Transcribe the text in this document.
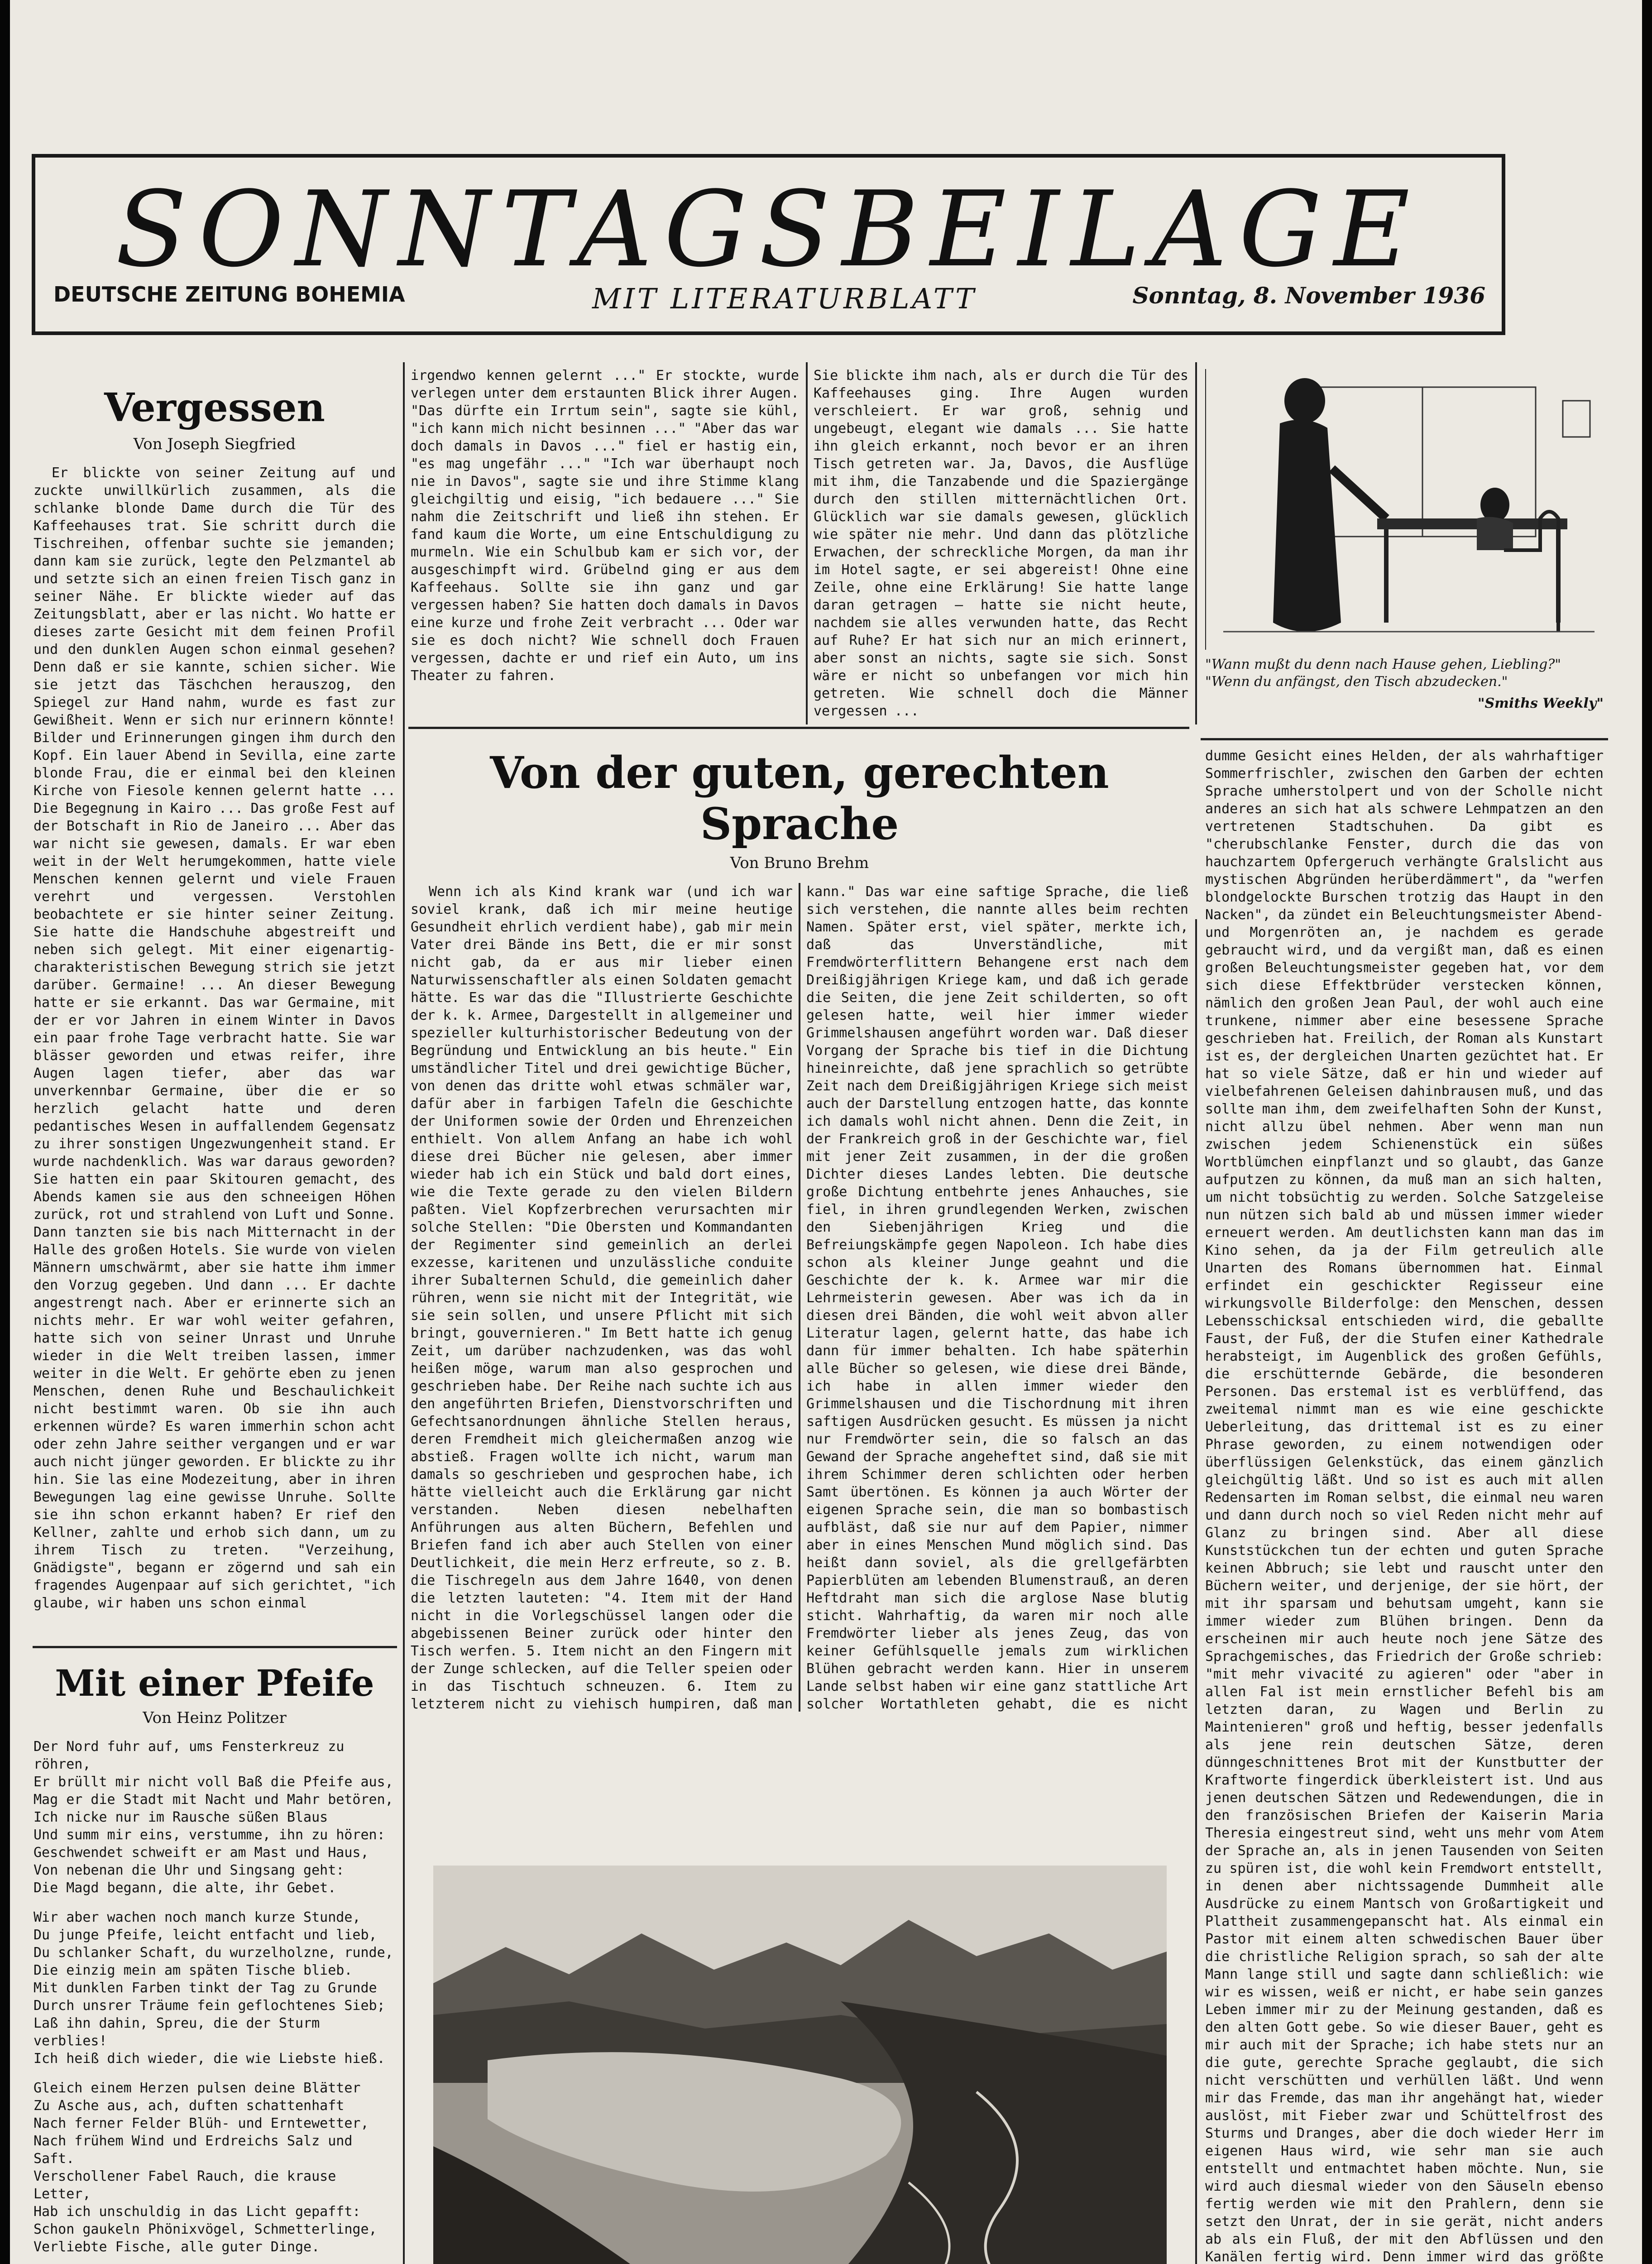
SONNTAGSBEILAGE
DEUTSCHE ZEITUNG BOHEMIA	MIT LITERATURBLATT	Sonntag, 8. November 1936
Vergessen
Von Joseph Siegfried

Er blickte von seiner Zeitung auf und zuckte unwillkürlich zusammen, als die schlanke blonde Dame durch die Tür des Kaffeehauses trat. Sie schritt durch die Tischreihen, offenbar suchte sie jemanden; dann kam sie zurück, legte den Pelzmantel ab und setzte sich an einen freien Tisch ganz in seiner Nähe. Er blickte wieder auf das Zeitungsblatt, aber er las nicht. Wo hatte er dieses zarte Gesicht mit dem feinen Profil und den dunklen Augen schon einmal gesehen? Denn daß er sie kannte, schien sicher. Wie sie jetzt das Täschchen herauszog, den Spiegel zur Hand nahm, wurde es fast zur Gewißheit. Wenn er sich nur erinnern könnte! Bilder und Erinnerungen gingen ihm durch den Kopf. Ein lauer Abend in Sevilla, eine zarte blonde Frau, die er einmal bei den kleinen Kirche von Fiesole kennen gelernt hatte ... Die Begegnung in Kairo ... Das große Fest auf der Botschaft in Rio de Janeiro ... Aber das war nicht sie gewesen, damals. Er war eben weit in der Welt herumgekommen, hatte viele Menschen kennen gelernt und viele Frauen verehrt und vergessen. Verstohlen beobachtete er sie hinter seiner Zeitung. Sie hatte die Handschuhe abgestreift und neben sich gelegt. Mit einer eigenartig-charakteristischen Bewegung strich sie jetzt darüber. Germaine! ... An dieser Bewegung hatte er sie erkannt. Das war Germaine, mit der er vor Jahren in einem Winter in Davos ein paar frohe Tage verbracht hatte. Sie war blässer geworden und etwas reifer, ihre Augen lagen tiefer, aber das war unverkennbar Germaine, über die er so herzlich gelacht hatte und deren pedantisches Wesen in auffallendem Gegensatz zu ihrer sonstigen Ungezwungenheit stand. Er wurde nachdenklich. Was war daraus geworden? Sie hatten ein paar Skitouren gemacht, des Abends kamen sie aus den schneeigen Höhen zurück, rot und strahlend von Luft und Sonne. Dann tanzten sie bis nach Mitternacht in der Halle des großen Hotels. Sie wurde von vielen Männern umschwärmt, aber sie hatte ihm immer den Vorzug gegeben. Und dann ... Er dachte angestrengt nach. Aber er erinnerte sich an nichts mehr. Er war wohl weiter gefahren, hatte sich von seiner Unrast und Unruhe wieder in die Welt treiben lassen, immer weiter in die Welt. Er gehörte eben zu jenen Menschen, denen Ruhe und Beschaulichkeit nicht bestimmt waren. Ob sie ihn auch erkennen würde? Es waren immerhin schon acht oder zehn Jahre seither vergangen und er war auch nicht jünger geworden. Er blickte zu ihr hin. Sie las eine Modezeitung, aber in ihren Bewegungen lag eine gewisse Unruhe. Sollte sie ihn schon erkannt haben? Er rief den Kellner, zahlte und erhob sich dann, um zu ihrem Tisch zu treten. "Verzeihung, Gnädigste", begann er zögernd und sah ein fragendes Augenpaar auf sich gerichtet, "ich glaube, wir haben uns schon einmal

Mit einer Pfeife
Von Heinz Politzer
Der Nord fuhr auf, ums Fensterkreuz zu röhren,
Er brüllt mir nicht voll Baß die Pfeife aus,
Mag er die Stadt mit Nacht und Mahr betören,
Ich nicke nur im Rausche süßen Blaus
Und summ mir eins, verstumme, ihn zu hören:
Geschwendet schweift er am Mast und Haus,
Von nebenan die Uhr und Singsang geht:
Die Magd begann, die alte, ihr Gebet.
Wir aber wachen noch manch kurze Stunde,
Du junge Pfeife, leicht entfacht und lieb,
Du schlanker Schaft, du wurzelholzne, runde,
Die einzig mein am späten Tische blieb.
Mit dunklen Farben tinkt der Tag zu Grunde
Durch unsrer Träume fein geflochtenes Sieb;
Laß ihn dahin, Spreu, die der Sturm verblies!
Ich heiß dich wieder, die wie Liebste hieß.
Gleich einem Herzen pulsen deine Blätter
Zu Asche aus, ach, duften schattenhaft
Nach ferner Felder Blüh- und Erntewetter,
Nach frühem Wind und Erdreichs Salz und Saft.
Verschollener Fabel Rauch, die krause Letter,
Hab ich unschuldig in das Licht gepafft:
Schon gaukeln Phönixvögel, Schmetterlinge,
Verliebte Fische, alle guter Dinge.

irgendwo kennen gelernt ..." Er stockte, wurde verlegen unter dem erstaunten Blick ihrer Augen. "Das dürfte ein Irrtum sein", sagte sie kühl, "ich kann mich nicht besinnen ..." "Aber das war doch damals in Davos ..." fiel er hastig ein, "es mag ungefähr ..." "Ich war überhaupt noch nie in Davos", sagte sie und ihre Stimme klang gleichgiltig und eisig, "ich bedauere ..." Sie nahm die Zeitschrift und ließ ihn stehen. Er fand kaum die Worte, um eine Entschuldigung zu murmeln. Wie ein Schulbub kam er sich vor, der ausgeschimpft wird. Grübelnd ging er aus dem Kaffeehaus. Sollte sie ihn ganz und gar vergessen haben? Sie hatten doch damals in Davos eine kurze und frohe Zeit verbracht ... Oder war sie es doch nicht? Wie schnell doch Frauen vergessen, dachte er und rief ein Auto, um ins Theater zu fahren.

Sie blickte ihm nach, als er durch die Tür des Kaffeehauses ging. Ihre Augen wurden verschleiert. Er war groß, sehnig und ungebeugt, elegant wie damals ... Sie hatte ihn gleich erkannt, noch bevor er an ihren Tisch getreten war. Ja, Davos, die Ausflüge mit ihm, die Tanzabende und die Spaziergänge durch den stillen mitternächtlichen Ort. Glücklich war sie damals gewesen, glücklich wie später nie mehr. Und dann das plötzliche Erwachen, der schreckliche Morgen, da man ihr im Hotel sagte, er sei abgereist! Ohne eine Zeile, ohne eine Erklärung! Sie hatte lange daran getragen — hatte sie nicht heute, nachdem sie alles verwunden hatte, das Recht auf Ruhe? Er hat sich nur an mich erinnert, aber sonst an nichts, sagte sie sich. Sonst wäre er nicht so unbefangen vor mich hin getreten. Wie schnell doch die Männer vergessen ...

"Wann mußt du denn nach Hause gehen, Liebling?" "Wenn du anfängst, den Tisch abzudecken."
"Smiths Weekly"
Von der guten, gerechten Sprache
Von Bruno Brehm

Wenn ich als Kind krank war (und ich war soviel krank, daß ich mir meine heutige Gesundheit ehrlich verdient habe), gab mir mein Vater drei Bände ins Bett, die er mir sonst nicht gab, da er aus mir lieber einen Naturwissenschaftler als einen Soldaten gemacht hätte. Es war das die "Illustrierte Geschichte der k. k. Armee, Dargestellt in allgemeiner und spezieller kulturhistorischer Bedeutung von der Begründung und Entwicklung an bis heute." Ein umständlicher Titel und drei gewichtige Bücher, von denen das dritte wohl etwas schmäler war, dafür aber in farbigen Tafeln die Geschichte der Uniformen sowie der Orden und Ehrenzeichen enthielt. Von allem Anfang an habe ich wohl diese drei Bücher nie gelesen, aber immer wieder hab ich ein Stück und bald dort eines, wie die Texte gerade zu den vielen Bildern paßten. Viel Kopfzerbrechen verursachten mir solche Stellen: "Die Obersten und Kommandanten der Regimenter sind gemeinlich an derlei exzesse, karitenen und unzulässliche conduite ihrer Subalternen Schuld, die gemeinlich daher rühren, wenn sie nicht mit der Integrität, wie sie sein sollen, und unsere Pflicht mit sich bringt, gouvernieren." Im Bett hatte ich genug Zeit, um darüber nachzudenken, was das wohl heißen möge, warum man also gesprochen und geschrieben habe. Der Reihe nach suchte ich aus den angeführten Briefen, Dienstvorschriften und Gefechtsanordnungen ähnliche Stellen heraus, deren Fremdheit mich gleichermaßen anzog wie abstieß. Fragen wollte ich nicht, warum man damals so geschrieben und gesprochen habe, ich hätte vielleicht auch die Erklärung gar nicht verstanden. Neben diesen nebelhaften Anführungen aus alten Büchern, Befehlen und Briefen fand ich aber auch Stellen von einer Deutlichkeit, die mein Herz erfreute, so z. B. die Tischregeln aus dem Jahre 1640, von denen die letzten lauteten: "4. Item mit der Hand nicht in die Vorlegschüssel langen oder die abgebissenen Beiner zurück oder hinter den Tisch werfen. 5. Item nicht an den Fingern mit der Zunge schlecken, auf die Teller speien oder in das Tischtuch schneuzen. 6. Item zu letzterem nicht zu viehisch humpiren, daß man kann." Das war eine saftige Sprache, die ließ sich verstehen, die nannte alles beim rechten Namen. Später erst, viel später, merkte ich, daß das Unverständliche, mit Fremdwörterflittern Behangene erst nach dem Dreißigjährigen Kriege kam, und daß ich gerade die Seiten, die jene Zeit schilderten, so oft gelesen hatte, weil hier immer wieder Grimmelshausen angeführt worden war. Daß dieser Vorgang der Sprache bis tief in die Dichtung hineinreichte, daß jene sprachlich so getrübte Zeit nach dem Dreißigjährigen Kriege sich meist auch der Darstellung entzogen hatte, das konnte ich damals wohl nicht ahnen. Denn die Zeit, in der Frankreich groß in der Geschichte war, fiel mit jener Zeit zusammen, in der die großen Dichter dieses Landes lebten. Die deutsche große Dichtung entbehrte jenes Anhauches, sie fiel, in ihren grundlegenden Werken, zwischen den Siebenjährigen Krieg und die Befreiungskämpfe gegen Napoleon. Ich habe dies schon als kleiner Junge geahnt und die Geschichte der k. k. Armee war mir die Lehrmeisterin gewesen. Aber was ich da in diesen drei Bänden, die wohl weit abvon aller Literatur lagen, gelernt hatte, das habe ich dann für immer behalten. Ich habe späterhin alle Bücher so gelesen, wie diese drei Bände, ich habe in allen immer wieder den Grimmelshausen und die Tischordnung mit ihren saftigen Ausdrücken gesucht. Es müssen ja nicht nur Fremdwörter sein, die so falsch an das Gewand der Sprache angeheftet sind, daß sie mit ihrem Schimmer deren schlichten oder herben Samt übertönen. Es können ja auch Wörter der eigenen Sprache sein, die man so bombastisch aufbläst, daß sie nur auf dem Papier, nimmer aber in eines Menschen Mund möglich sind. Das heißt dann soviel, als die grellgefärbten Papierblüten am lebenden Blumenstrauß, an deren Heftdraht man sich die arglose Nase blutig sticht. Wahrhaftig, da waren mir noch alle Fremdwörter lieber als jenes Zeug, das von keiner Gefühlsquelle jemals zum wirklichen Blühen gebracht werden kann. Hier in unserem Lande selbst haben wir eine ganz stattliche Art solcher Wortathleten gehabt, die es nicht

dumme Gesicht eines Helden, der als wahrhaftiger Sommerfrischler, zwischen den Garben der echten Sprache umherstolpert und von der Scholle nicht anderes an sich hat als schwere Lehmpatzen an den vertretenen Stadtschuhen. Da gibt es "cherubschlanke Fenster, durch die das von hauchzartem Opfergeruch verhängte Gralslicht aus mystischen Abgründen herüberdämmert", da "werfen blondgelockte Burschen trotzig das Haupt in den Nacken", da zündet ein Beleuchtungsmeister Abend- und Morgenröten an, je nachdem es gerade gebraucht wird, und da vergißt man, daß es einen großen Beleuchtungsmeister gegeben hat, vor dem sich diese Effektbrüder verstecken können, nämlich den großen Jean Paul, der wohl auch eine trunkene, nimmer aber eine besessene Sprache geschrieben hat. Freilich, der Roman als Kunstart ist es, der dergleichen Unarten gezüchtet hat. Er hat so viele Sätze, daß er hin und wieder auf vielbefahrenen Geleisen dahinbrausen muß, und das sollte man ihm, dem zweifelhaften Sohn der Kunst, nicht allzu übel nehmen. Aber wenn man nun zwischen jedem Schienenstück ein süßes Wortblümchen einpflanzt und so glaubt, das Ganze aufputzen zu können, da muß man an sich halten, um nicht tobsüchtig zu werden. Solche Satzgeleise nun nützen sich bald ab und müssen immer wieder erneuert werden. Am deutlichsten kann man das im Kino sehen, da ja der Film getreulich alle Unarten des Romans übernommen hat. Einmal erfindet ein geschickter Regisseur eine wirkungsvolle Bilderfolge: den Menschen, dessen Lebensschicksal entschieden wird, die geballte Faust, der Fuß, der die Stufen einer Kathedrale herabsteigt, im Augenblick des großen Gefühls, die erschütternde Gebärde, die besonderen Personen. Das erstemal ist es verblüffend, das zweitemal nimmt man es wie eine geschickte Ueberleitung, das drittemal ist es zu einer Phrase geworden, zu einem notwendigen oder überflüssigen Gelenkstück, das einem gänzlich gleichgültig läßt. Und so ist es auch mit allen Redensarten im Roman selbst, die einmal neu waren und dann durch noch so viel Reden nicht mehr auf Glanz zu bringen sind. Aber all diese Kunststückchen tun der echten und guten Sprache keinen Abbruch; sie lebt und rauscht unter den Büchern weiter, und derjenige, der sie hört, der mit ihr sparsam und behutsam umgeht, kann sie immer wieder zum Blühen bringen. Denn da erscheinen mir auch heute noch jene Sätze des Sprachgemisches, das Friedrich der Große schrieb: "mit mehr vivacité zu agieren" oder "aber in allen Fal ist mein ernstlicher Befehl bis am letzten daran, zu Wagen und Berlin zu Maintenieren" groß und heftig, besser jedenfalls als jene rein deutschen Sätze, deren dünngeschnittenes Brot mit der Kunstbutter der Kraftworte fingerdick überkleistert ist. Und aus jenen deutschen Sätzen und Redewendungen, die in den französischen Briefen der Kaiserin Maria Theresia eingestreut sind, weht uns mehr vom Atem der Sprache an, als in jenen Tausenden von Seiten zu spüren ist, die wohl kein Fremdwort entstellt, in denen aber nichtssagende Dummheit alle Ausdrücke zu einem Mantsch von Großartigkeit und Plattheit zusammengepanscht hat. Als einmal ein Pastor mit einem alten schwedischen Bauer über die christliche Religion sprach, so sah der alte Mann lange still und sagte dann schließlich: wie wir es wissen, weiß er nicht, er habe sein ganzes Leben immer mir zu der Meinung gestanden, daß es den alten Gott gebe. So wie dieser Bauer, geht es mir auch mit der Sprache; ich habe stets nur an die gute, gerechte Sprache geglaubt, die sich nicht verschütten und verhüllen läßt. Und wenn mir das Fremde, das man ihr angehängt hat, wieder auslöst, mit Fieber zwar und Schüttelfrost des Sturms und Dranges, aber die doch wieder Herr im eigenen Haus wird, wie sehr man sie auch entstellt und entmachtet haben möchte. Nun, sie wird auch diesmal wieder von den Säuseln ebenso fertig werden wie mit den Prahlern, denn sie setzt den Unrat, der in sie gerät, nicht anders ab als ein Fluß, der mit den Abflüssen und den Kanälen fertig wird. Denn immer wird das größte
